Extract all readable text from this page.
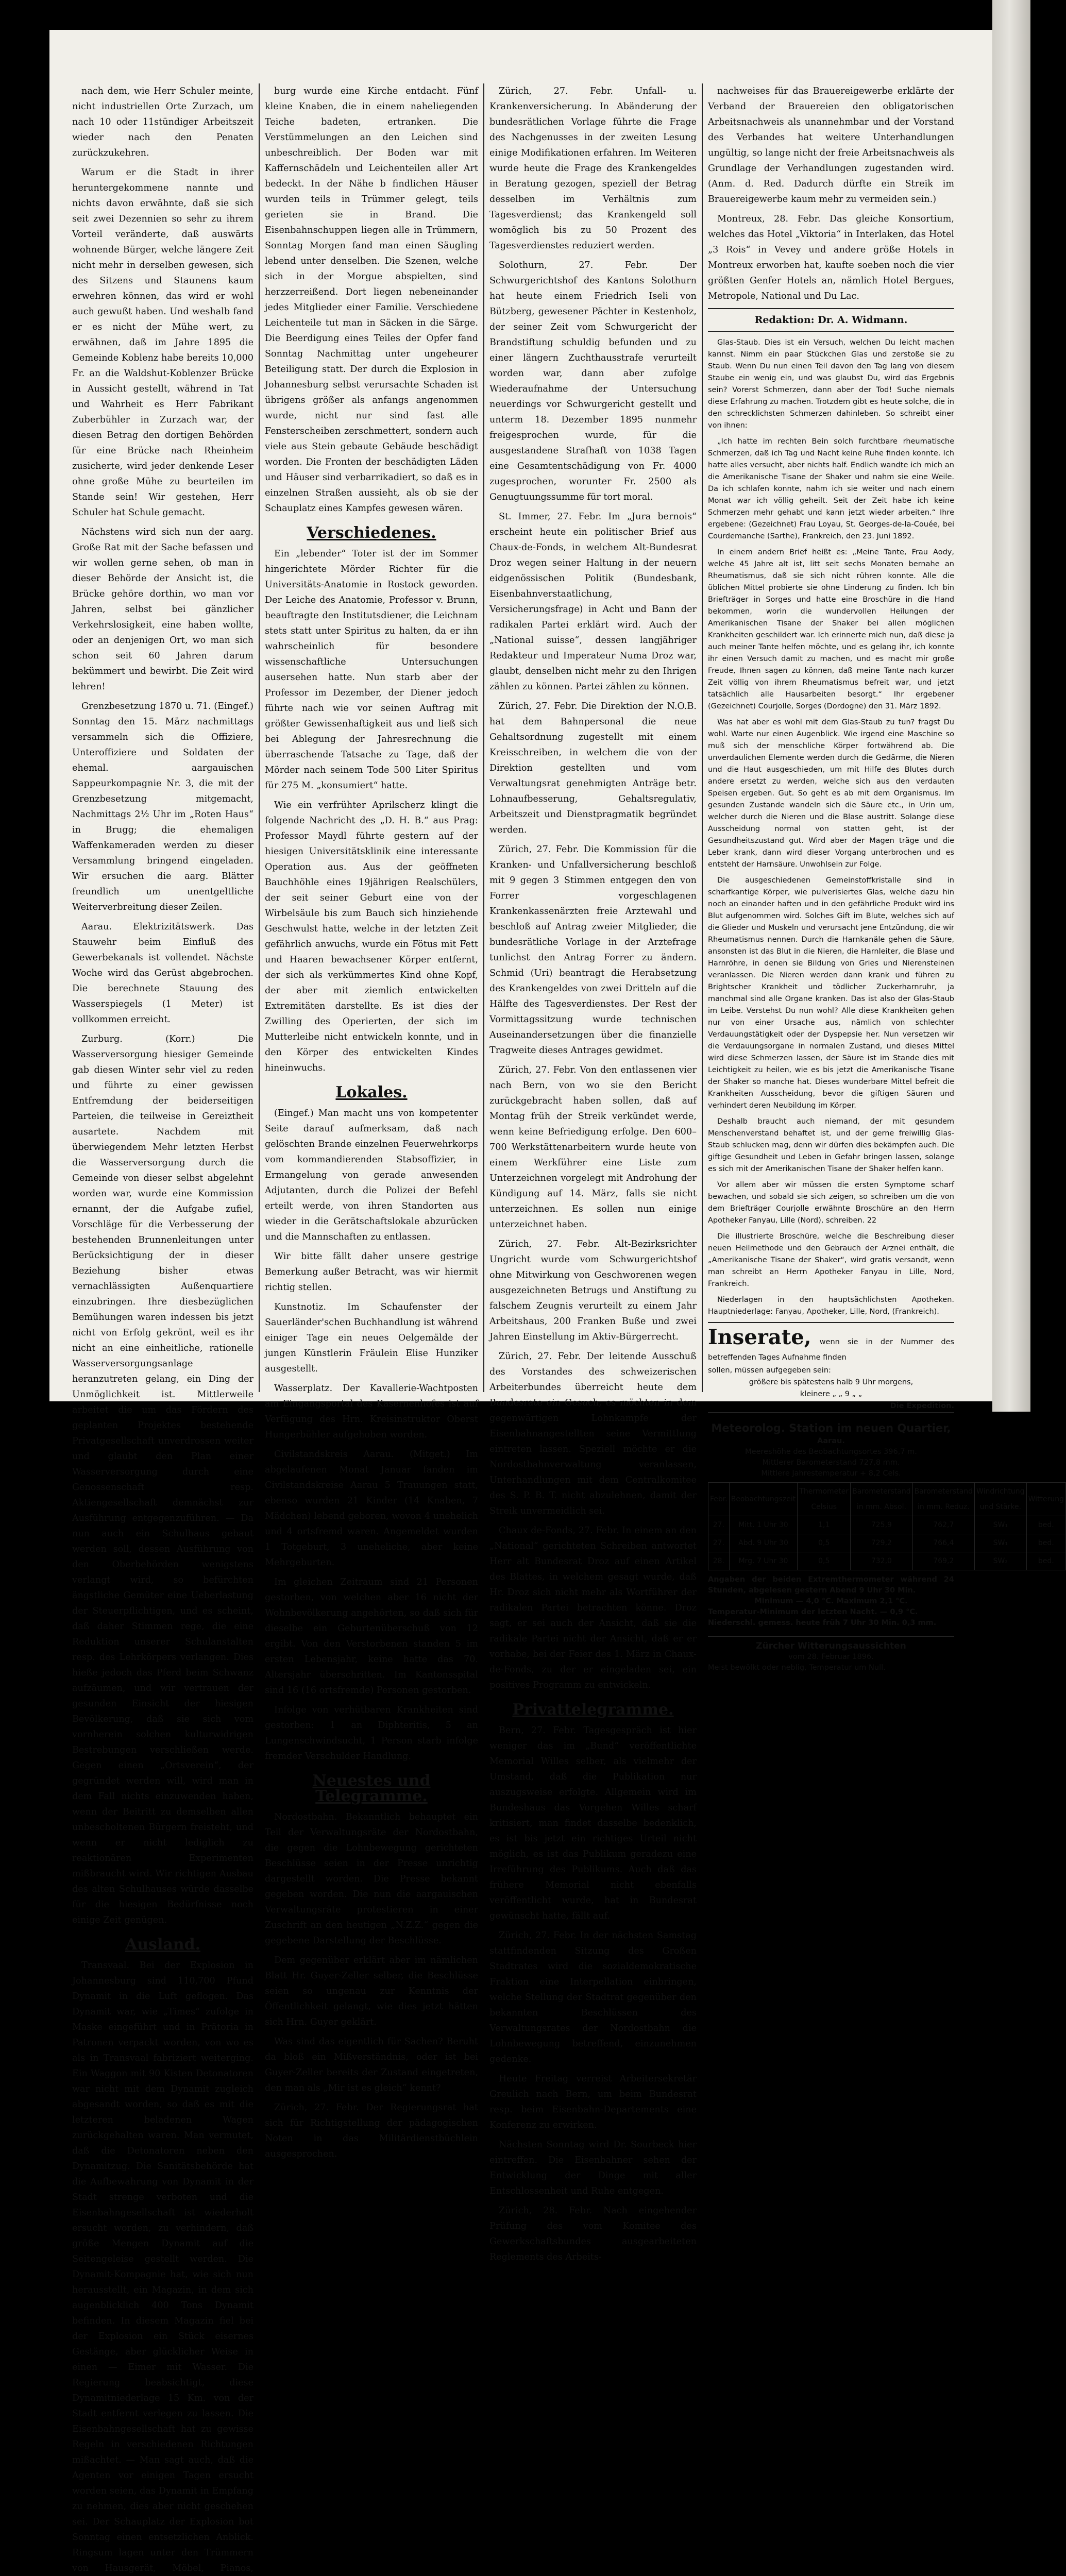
nach dem, wie Herr Schuler meinte, nicht industriellen Orte Zurzach, um nach 10 oder 11stündiger Arbeitszeit wieder nach den Penaten zurückzukehren.

Warum er die Stadt in ihrer heruntergekommene nannte und nichts davon erwähnte, daß sie sich seit zwei Dezennien so sehr zu ihrem Vorteil veränderte, daß auswärts wohnende Bürger, welche längere Zeit nicht mehr in derselben gewesen, sich des Sitzens und Staunens kaum erwehren können, das wird er wohl auch gewußt haben. Und weshalb fand er es nicht der Mühe wert, zu erwähnen, daß im Jahre 1895 die Gemeinde Koblenz habe bereits 10,000 Fr. an die Waldshut-Koblenzer Brücke in Aussicht gestellt, während in Tat und Wahrheit es Herr Fabrikant Zuberbühler in Zurzach war, der diesen Betrag den dortigen Behörden für eine Brücke nach Rheinheim zusicherte, wird jeder denkende Leser ohne große Mühe zu beurteilen im Stande sein! Wir gestehen, Herr Schuler hat Schule gemacht.

Nächstens wird sich nun der aarg. Große Rat mit der Sache befassen und wir wollen gerne sehen, ob man in dieser Behörde der Ansicht ist, die Brücke gehöre dorthin, wo man vor Jahren, selbst bei gänzlicher Verkehrslosigkeit, eine haben wollte, oder an denjenigen Ort, wo man sich schon seit 60 Jahren darum bekümmert und bewirbt. Die Zeit wird lehren!

Grenzbesetzung 1870 u. 71. (Eingef.) Sonntag den 15. März nachmittags versammeln sich die Offiziere, Unteroffiziere und Soldaten der ehemal. aargauischen Sappeurkompagnie Nr. 3, die mit der Grenzbesetzung mitgemacht, Nachmittags 2½ Uhr im „Roten Haus“ in Brugg; die ehemaligen Waffenkameraden werden zu dieser Versammlung bringend eingeladen. Wir ersuchen die aarg. Blätter freundlich um unentgeltliche Weiterverbreitung dieser Zeilen.

Aarau. Elektrizitätswerk. Das Stauwehr beim Einfluß des Gewerbekanals ist vollendet. Nächste Woche wird das Gerüst abgebrochen. Die berechnete Stauung des Wasserspiegels (1 Meter) ist vollkommen erreicht.

Zurburg. (Korr.) Die Wasserversorgung hiesiger Gemeinde gab diesen Winter sehr viel zu reden und führte zu einer gewissen Entfremdung der beiderseitigen Parteien, die teilweise in Gereiztheit ausartete. Nachdem mit überwiegendem Mehr letzten Herbst die Wasserversorgung durch die Gemeinde von dieser selbst abgelehnt worden war, wurde eine Kommission ernannt, der die Aufgabe zufiel, Vorschläge für die Verbesserung der bestehenden Brunnenleitungen unter Berücksichtigung der in dieser Beziehung bisher etwas vernachlässigten Außenquartiere einzubringen. Ihre diesbezüglichen Bemühungen waren indessen bis jetzt nicht von Erfolg gekrönt, weil es ihr nicht an eine einheitliche, rationelle Wasserversorgungsanlage heranzutreten gelang, ein Ding der Unmöglichkeit ist. Mittlerweile arbeitet die um das Fördern des geplanten Projektes bestehende Privatgesellschaft unverdrossen weiter und glaubt den Plan einer Wasserversorgung durch eine Genossenschaft resp. Aktiengesellschaft demnächst zur Ausführung entgegenzuführen. — Da nun auch ein Schulhaus gebaut werden soll, dessen Ausführung von den Oberbehörden wenigstens verlangt wird, so befürchten ängstliche Gemüter eine Ueberlastung der Steuerpflichtigen, und es scheint, daß daher Stimmen rege, die eine Reduktion unserer Schulanstalten resp. des Lehrkörpers verlangen. Dies hieße jedoch das Pferd beim Schwanz aufzäumen, und wir vertrauen der gesunden Einsicht der hiesigen Bevölkerung, daß sie sich vom vornherein solchen kulturwidrigen Bestrebungen verschließen werde. Gegen einen „Ortsverein“, der gegründet werden will, wird man in dem Fall nichts einzuwenden haben, wenn der Beitritt zu demselben allen unbescholtenen Bürgern freisteht, und wenn er nicht lediglich zu reaktionären Experimenten mißbraucht wird. Wir richtigen Ausbau des alten Schulhauses würde dasselbe für die hiesigen Bedürfnisse noch einige Zeit genügen.

Ausland.

Transvaal. Bei der Explosion in Johannesburg sind 110,700 Pfund Dynamit in die Luft geflogen. Das Dynamit war, wie „Times“ zufolge in Maske eingeführt und in Prätoria in Patronen verpackt worden, von wo es als in Transvaal fabriziert weiterging. Ein Waggon mit 90 Kisten Detonatoren war nicht mit dem Dynamit zugleich abgesandt worden, so daß es mit die letzteren beladenen Wagen zurückgehalten waren. Man vermutet, daß die Detonatoren neben den Dynamitzug. Die Sanitätsbehörde hat die Aufbewahrung von Dynamit in der Stadt strenge verboten und die Eisenbahngesellschaft ist wiederholt ersucht worden, zu verhindern, daß größe Mengen Dynamit auf die Seitengeleise gestellt werden. Die Dynamit-Kompagnie hat, wie sich nun herausstellt, ein Magazin, in dem sich augenblicklich 400 Tons Dynamit befinden. In diesem Magazin fiel bei der Explosion ein Stück eisernes Gestänge, aber glücklicher Weise in einen — Eimer mit Wasser. Die Regierung beabsichtigt, diese Dynamitniederlage 15 Km. von der Stadt entfernt verlegen zu lassen. Die Eisenbahngesellschaft hat zu gewisse Regeln in verschiedenen Richtungen mißachtet. — Man sagt auch, daß die Agenten vor einigen Tagen ersucht worden seien, das Dynamit in Empfang zu nehmen, dies aber nicht geschehen sei. Der Schauplatz der Explosion bot Sonntag einen entsetzlichen Anblick. Ringsum lagen unter den Trümmern von Hausgerät, Möbel, Pianos,

burg wurde eine Kirche entdacht. Fünf kleine Knaben, die in einem naheliegenden Teiche badeten, ertranken. Die Verstümmelungen an den Leichen sind unbeschreiblich. Der Boden war mit Kaffernschädeln und Leichenteilen aller Art bedeckt. In der Nähe b findlichen Häuser wurden teils in Trümmer gelegt, teils gerieten sie in Brand. Die Eisenbahnschuppen liegen alle in Trümmern, Sonntag Morgen fand man einen Säugling lebend unter denselben. Die Szenen, welche sich in der Morgue abspielten, sind herzzerreißend. Dort liegen nebeneinander jedes Mitglieder einer Familie. Verschiedene Leichenteile tut man in Säcken in die Särge. Die Beerdigung eines Teiles der Opfer fand Sonntag Nachmittag unter ungeheurer Beteiligung statt. Der durch die Explosion in Johannesburg selbst verursachte Schaden ist übrigens größer als anfangs angenommen wurde, nicht nur sind fast alle Fensterscheiben zerschmettert, sondern auch viele aus Stein gebaute Gebäude beschädigt worden. Die Fronten der beschädigten Läden und Häuser sind verbarrikadiert, so daß es in einzelnen Straßen aussieht, als ob sie der Schauplatz eines Kampfes gewesen wären.

Verschiedenes.

Ein „lebender“ Toter ist der im Sommer hingerichtete Mörder Richter für die Universitäts-Anatomie in Rostock geworden. Der Leiche des Anatomie, Professor v. Brunn, beauftragte den Institutsdiener, die Leichnam stets statt unter Spiritus zu halten, da er ihn wahrscheinlich für besondere wissenschaftliche Untersuchungen ausersehen hatte. Nun starb aber der Professor im Dezember, der Diener jedoch führte nach wie vor seinen Auftrag mit größter Gewissenhaftigkeit aus und ließ sich bei Ablegung der Jahresrechnung die überraschende Tatsache zu Tage, daß der Mörder nach seinem Tode 500 Liter Spiritus für 275 M. „konsumiert“ hatte.

Wie ein verfrühter Aprilscherz klingt die folgende Nachricht des „D. H. B.“ aus Prag: Professor Maydl führte gestern auf der hiesigen Universitätsklinik eine interessante Operation aus. Aus der geöffneten Bauchhöhle eines 19jährigen Realschülers, der seit seiner Geburt eine von der Wirbelsäule bis zum Bauch sich hinziehende Geschwulst hatte, welche in der letzten Zeit gefährlich anwuchs, wurde ein Fötus mit Fett und Haaren bewachsener Körper entfernt, der sich als verkümmertes Kind ohne Kopf, der aber mit ziemlich entwickelten Extremitäten darstellte. Es ist dies der Zwilling des Operierten, der sich im Mutterleibe nicht entwickeln konnte, und in den Körper des entwickelten Kindes hineinwuchs.

Lokales.

(Eingef.) Man macht uns von kompetenter Seite darauf aufmerksam, daß nach gelöschten Brande einzelnen Feuerwehrkorps vom kommandierenden Stabsoffizier, in Ermangelung von gerade anwesenden Adjutanten, durch die Polizei der Befehl erteilt werde, von ihren Standorten aus wieder in die Gerätschaftslokale abzurücken und die Mannschaften zu entlassen.

Wir bitte fällt daher unsere gestrige Bemerkung außer Betracht, was wir hiermit richtig stellen.

Kunstnotiz. Im Schaufenster der Sauerländer'schen Buchhandlung ist während einiger Tage ein neues Oelgemälde der jungen Künstlerin Fräulein Elise Hunziker ausgestellt.

Wasserplatz. Der Kavallerie-Wachtposten am Eingangsportal des Kasernenhofes ist auf Verfügung des Hrn. Kreisinstruktor Oberst Hungerbühler aufgehoben worden.

Civilstandskreis Aarau. (Mitget.) Im abgelaufenen Monat Januar fanden im Civilstandskreise Aarau 5 Trauungen statt, ebenso wurden 21 Kinder (14 Knaben, 7 Mädchen) lebend geboren, wovon 4 unehelich und 4 ortsfremd waren. Angemeldet wurden 1 Totgeburt, 3 uneheliche, aber keine Mehrgeburten.

Im gleichen Zeitraum sind 21 Personen gestorben, von welchen aber 16 nicht der Wohnbevölkerung angehörten, so daß sich für dieselbe ein Geburtenüberschuß von 12 ergibt. Von den Verstorbenen standen 5 im ersten Lebensjahr, keine hatte das 70. Altersjahr überschritten. Im Kantonsspital sind 16 (16 ortsfremde) Personen gestorben.

Infolge von verhütbaren Krankheiten sind gestorben: 1 an Diphteritis, 5 an Lungenschwindsucht, 1 Person starb infolge fremder Verschulder Handlung.

Neuestes und Telegramme.

Nordostbahn. Bekanntlich behauptet ein Teil der Verwaltungsräte der Nordostbahn, die gegen die Lohnbewegung gerichteten Beschlüsse seien in der Presse unrichtig dargestellt worden. Die Presse bekannt gegeben worden. Die nun die aargauischen Verwaltungsräte protestieren in einer Zuschrift an den heutigen „N.Z.Z.“ gegen die gegebene Darstellung der Beschlüsse.

Dem gegenüber erklärt aber im nämlichen Blatt Hr. Guyer-Zeller selber, die Beschlüsse seien so ungenau zur Kenntnis der Öffentlichkeit gelangt, wie dies jetzt hätten sich Hrn. Guyer geklärt.

Was sind das eigentlich für Sachen? Beruht da bloß ein Mißverständnis, oder ist bei Guyer-Zeller bereits der Zustand eingetreten, den man als „Mir ist es gleich“ kennt?

Zürich, 27. Febr. Der Regierungsrat hat sich für Richtigstellung der pädagogischen Noten in das Militärdienstbüchlein ausgesprochen.

Zürich, 27. Febr. Unfall- u. Krankenversicherung. In Abänderung der bundesrätlichen Vorlage führte die Frage des Nachgenusses in der zweiten Lesung einige Modifikationen erfahren. Im Weiteren wurde heute die Frage des Krankengeldes in Beratung gezogen, speziell der Betrag desselben im Verhältnis zum Tagesverdienst; das Krankengeld soll womöglich bis zu 50 Prozent des Tagesverdienstes reduziert werden.

Solothurn, 27. Febr. Der Schwurgerichtshof des Kantons Solothurn hat heute einem Friedrich Iseli von Bützberg, gewesener Pächter in Kestenholz, der seiner Zeit vom Schwurgericht der Brandstiftung schuldig befunden und zu einer längern Zuchthausstrafe verurteilt worden war, dann aber zufolge Wiederaufnahme der Untersuchung neuerdings vor Schwurgericht gestellt und unterm 18. Dezember 1895 nunmehr freigesprochen wurde, für die ausgestandene Strafhaft von 1038 Tagen eine Gesamtentschädigung von Fr. 4000 zugesprochen, worunter Fr. 2500 als Genugtuungssumme für tort moral.

St. Immer, 27. Febr. Im „Jura bernois“ erscheint heute ein politischer Brief aus Chaux-de-Fonds, in welchem Alt-Bundesrat Droz wegen seiner Haltung in der neuern eidgenössischen Politik (Bundesbank, Eisenbahnverstaatlichung, Versicherungsfrage) in Acht und Bann der radikalen Partei erklärt wird. Auch der „National suisse“, dessen langjähriger Redakteur und Imperateur Numa Droz war, glaubt, denselben nicht mehr zu den Ihrigen zählen zu können. Partei zählen zu können.

Zürich, 27. Febr. Die Direktion der N.O.B. hat dem Bahnpersonal die neue Gehaltsordnung zugestellt mit einem Kreisschreiben, in welchem die von der Direktion gestellten und vom Verwaltungsrat genehmigten Anträge betr. Lohnaufbesserung, Gehaltsregulativ, Arbeitszeit und Dienstpragmatik begründet werden.

Zürich, 27. Febr. Die Kommission für die Kranken- und Unfallversicherung beschloß mit 9 gegen 3 Stimmen entgegen den von Forrer vorgeschlagenen Krankenkassenärzten freie Arztewahl und beschloß auf Antrag zweier Mitglieder, die bundesrätliche Vorlage in der Arztefrage tunlichst den Antrag Forrer zu ändern. Schmid (Uri) beantragt die Herabsetzung des Krankengeldes von zwei Dritteln auf die Hälfte des Tagesverdienstes. Der Rest der Vormittagssitzung wurde technischen Auseinandersetzungen über die finanzielle Tragweite dieses Antrages gewidmet.

Zürich, 27. Febr. Von den entlassenen vier nach Bern, von wo sie den Bericht zurückgebracht haben sollen, daß auf Montag früh der Streik verkündet werde, wenn keine Befriedigung erfolge. Den 600–700 Werkstättenarbeitern wurde heute von einem Werkführer eine Liste zum Unterzeichnen vorgelegt mit Androhung der Kündigung auf 14. März, falls sie nicht unterzeichnen. Es sollen nun einige unterzeichnet haben.

Zürich, 27. Febr. Alt-Bezirksrichter Ungricht wurde vom Schwurgerichtshof ohne Mitwirkung von Geschworenen wegen ausgezeichneten Betrugs und Anstiftung zu falschem Zeugnis verurteilt zu einem Jahr Arbeitshaus, 200 Franken Buße und zwei Jahren Einstellung im Aktiv-Bürgerrecht.

Zürich, 27. Febr. Der leitende Ausschuß des Vorstandes des schweizerischen Arbeiterbundes überreicht heute dem Bundesrate ein Gesuch, es möchten in dem gegenwärtigen Lohnkampfe der Eisenbahnangestellten seine Vermittlung eintreten lassen. Speziell möchte er die Nordostbahnverwaltung veranlassen, Unterhandlungen mit dem Centralkomitee des S. P. B. T. nicht abzulehnen, damit der Streik unvermeidlich sei.

Chaux de-Fonds, 27. Febr. In einem an den „National“ gerichteten Schreiben antwortet Herr alt Bundesrat Droz auf einen Artikel des Blattes, in welchem gesagt wurde, daß Hr. Droz sich nicht mehr als Wortführer der radikalen Partei betrachten könne. Droz sagt, er sei auch der Ansicht, daß sie die radikale Partei nicht der Ansicht, daß er er vorhabe, bei der Feier des 1. März in Chaux-de-Fonds, zu der er eingeladen sei, ein positives Programm zu entwickeln.

Privattelegramme.

Bern, 27. Febr. Tagesgespräch ist hier weniger das im „Bund“ veröffentlichte Memorial Willes selber, als vielmehr der Umstand, daß die Publikation nur auszugsweise erfolgte. Allgemein wird im Bundeshaus das Vorgehen Willes scharf kritisiert, man findet dasselbe bedenklich, es ist bis jetzt ein richtiges Urteil nicht möglich, es ist das Publikum geradezu eine Irreführung des Publikums. Auch daß das frühere Memorial nicht ebenfalls veröffentlicht wurde, hat in Bundesrat gewünscht hatte, fällt auf.

Zürich, 27. Febr. In der nächsten Samstag stattfindenden Sitzung des Großen Stadtrates wird die sozialdemokratische Fraktion eine Interpellation einbringen, welche Stellung der Stadtrat gegenüber den bekannten Beschlüssen des Verwaltungsrates der Nordostbahn die Lohnbewegung betreffend, einzunehmen gedenke.

Heute Freitag verreist Arbeitersekretär Greulich nach Bern, um beim Bundesrat resp. beim Eisenbahn-Departements eine Konferenz zu erwirken.

Nächsten Sonntag wird Dr. Sourbeck hier eintreffen. Die Eisenbahner sehen der Entwicklung der Dinge mit aller Entschlossenheit und Ruhe entgegen.

Zürich, 28. Febr. Nach eingehender Prüfung des vom Komitee des Gewerkschaftsbundes ausgearbeiteten Reglements des Arbeits-

nachweises für das Brauereigewerbe erklärte der Verband der Brauereien den obligatorischen Arbeitsnachweis als unannehmbar und der Vorstand des Verbandes hat weitere Unterhandlungen ungültig, so lange nicht der freie Arbeitsnachweis als Grundlage der Verhandlungen zugestanden wird. (Anm. d. Red. Dadurch dürfte ein Streik im Brauereigewerbe kaum mehr zu vermeiden sein.)

Montreux, 28. Febr. Das gleiche Konsortium, welches das Hotel „Viktoria“ in Interlaken, das Hotel „3 Rois“ in Vevey und andere größe Hotels in Montreux erworben hat, kaufte soeben noch die vier größten Genfer Hotels an, nämlich Hotel Bergues, Metropole, National und Du Lac.

Redaktion: Dr. A. Widmann.

Glas-Staub. Dies ist ein Versuch, welchen Du leicht machen kannst. Nimm ein paar Stückchen Glas und zerstoße sie zu Staub. Wenn Du nun einen Teil davon den Tag lang von diesem Staube ein wenig ein, und was glaubst Du, wird das Ergebnis sein? Vorerst Schmerzen, dann aber der Tod! Suche niemals diese Erfahrung zu machen. Trotzdem gibt es heute solche, die in den schrecklichsten Schmerzen dahinleben. So schreibt einer von ihnen:

„Ich hatte im rechten Bein solch furchtbare rheumatische Schmerzen, daß ich Tag und Nacht keine Ruhe finden konnte. Ich hatte alles versucht, aber nichts half. Endlich wandte ich mich an die Amerikanische Tisane der Shaker und nahm sie eine Weile. Da ich schlafen konnte, nahm ich sie weiter und nach einem Monat war ich völlig geheilt. Seit der Zeit habe ich keine Schmerzen mehr gehabt und kann jetzt wieder arbeiten.“ Ihre ergebene: (Gezeichnet) Frau Loyau, St. Georges-de-la-Couée, bei Courdemanche (Sarthe), Frankreich, den 23. Juni 1892.

In einem andern Brief heißt es: „Meine Tante, Frau Aody, welche 45 Jahre alt ist, litt seit sechs Monaten bernahe an Rheumatismus, daß sie sich nicht rühren konnte. Alle die üblichen Mittel probierte sie ohne Linderung zu finden. Ich bin Briefträger in Sorges und hatte eine Broschüre in die Hand bekommen, worin die wundervollen Heilungen der Amerikanischen Tisane der Shaker bei allen möglichen Krankheiten geschildert war. Ich erinnerte mich nun, daß diese ja auch meiner Tante helfen möchte, und es gelang ihr, ich konnte ihr einen Versuch damit zu machen, und es macht mir große Freude, Ihnen sagen zu können, daß meine Tante nach kurzer Zeit völlig von ihrem Rheumatismus befreit war, und jetzt tatsächlich alle Hausarbeiten besorgt.“ Ihr ergebener (Gezeichnet) Courjolle, Sorges (Dordogne) den 31. März 1892.

Was hat aber es wohl mit dem Glas-Staub zu tun? fragst Du wohl. Warte nur einen Augenblick. Wie irgend eine Maschine so muß sich der menschliche Körper fortwährend ab. Die unverdaulichen Elemente werden durch die Gedärme, die Nieren und die Haut ausgeschieden, um mit Hilfe des Blutes durch andere ersetzt zu werden, welche sich aus den verdauten Speisen ergeben. Gut. So geht es ab mit dem Organismus. Im gesunden Zustande wandeln sich die Säure etc., in Urin um, welcher durch die Nieren und die Blase austritt. Solange diese Ausscheidung normal von statten geht, ist der Gesundheitszustand gut. Wird aber der Magen träge und die Leber krank, dann wird dieser Vorgang unterbrochen und es entsteht der Harnsäure. Unwohlsein zur Folge.

Die ausgeschiedenen Gemeinstoffkristalle sind in scharfkantige Körper, wie pulverisiertes Glas, welche dazu hin noch an einander haften und in den gefährliche Produkt wird ins Blut aufgenommen wird. Solches Gift im Blute, welches sich auf die Glieder und Muskeln und verursacht jene Entzündung, die wir Rheumatismus nennen. Durch die Harnkanäle gehen die Säure, ansonsten ist das Blut in die Nieren, die Harnleiter, die Blase und Harnröhre, in denen sie Bildung von Gries und Nierensteinen veranlassen. Die Nieren werden dann krank und führen zu Brightscher Krankheit und tödlicher Zuckerharnruhr, ja manchmal sind alle Organe kranken. Das ist also der Glas-Staub im Leibe. Verstehst Du nun wohl? Alle diese Krankheiten gehen nur von einer Ursache aus, nämlich von schlechter Verdauungstätigkeit oder der Dyspepsie her. Nun versetzen wir die Verdauungsorgane in normalen Zustand, und dieses Mittel wird diese Schmerzen lassen, der Säure ist im Stande dies mit Leichtigkeit zu heilen, wie es bis jetzt die Amerikanische Tisane der Shaker so manche hat. Dieses wunderbare Mittel befreit die Krankheiten Ausscheidung, bevor die giftigen Säuren und verhindert deren Neubildung im Körper.

Deshalb braucht auch niemand, der mit gesundem Menschenverstand behaftet ist, und der gerne freiwillig Glas-Staub schlucken mag, denn wir dürfen dies bekämpfen auch. Die giftige Gesundheit und Leben in Gefahr bringen lassen, solange es sich mit der Amerikanischen Tisane der Shaker helfen kann.

Vor allem aber wir müssen die ersten Symptome scharf bewachen, und sobald sie sich zeigen, so schreiben um die von dem Briefträger Courjolle erwähnte Broschüre an den Herrn Apotheker Fanyau, Lille (Nord), schreiben. 22

Die illustrierte Broschüre, welche die Beschreibung dieser neuen Heilmethode und den Gebrauch der Arznei enthält, die „Amerikanische Tisane der Shaker“, wird gratis versandt, wenn man schreibt an Herrn Apotheker Fanyau in Lille, Nord, Frankreich.

Niederlagen in den hauptsächlichsten Apotheken. Hauptniederlage: Fanyau, Apotheker, Lille, Nord, (Frankreich).

Inserate, wenn sie in der Nummer des betreffenden Tages Aufnahme finden
sollen, müssen aufgegeben sein:
größere bis spätestens halb 9 Uhr morgens,
kleinere „ „ 9 „ „
Die Expedition.
Meteorolog. Station im neuen Quartier,
Aarau.
Meereshöhe des Beobachtungsortes 396,7 m.
Mittlerer Barometerstand 727,8 mm.
Mittlere Jahrestemperatur + 8,2 Cels.
Febr.	Beobachtungszeit	Thermometer Celsius	Barometerstand in mm. Absol.	Barometerstand in mm. Reduz.	Windrichtung und Stärke.	Witterung
27.	Mitt. 1 Uhr 30	1,1	725,9	762,7	SW₁	bed.
27.	Abd. 9 Uhr 30	0,5	729,2	766,4	SW₁	bed.
28.	Mrg. 7 Uhr 30	0,5	732,0	769,2	SW₂	bed.
Angaben der beiden Extremthermometer während 24 Stunden, abgelesen gestern Abend 9 Uhr 30 Min.
Minimum — 4,0 °C. Maximum 2,1 °C.
Temperatur-Minimum der letzten Nacht. — 0,9 °C.
Niederschl. gemess. heute früh 7 Uhr 30 Min. 0,3 mm.
Zürcher Witterungsaussichten
vom 28. Februar 1896.
Meist bewölkt oder neblig, Temperatur um Null.
